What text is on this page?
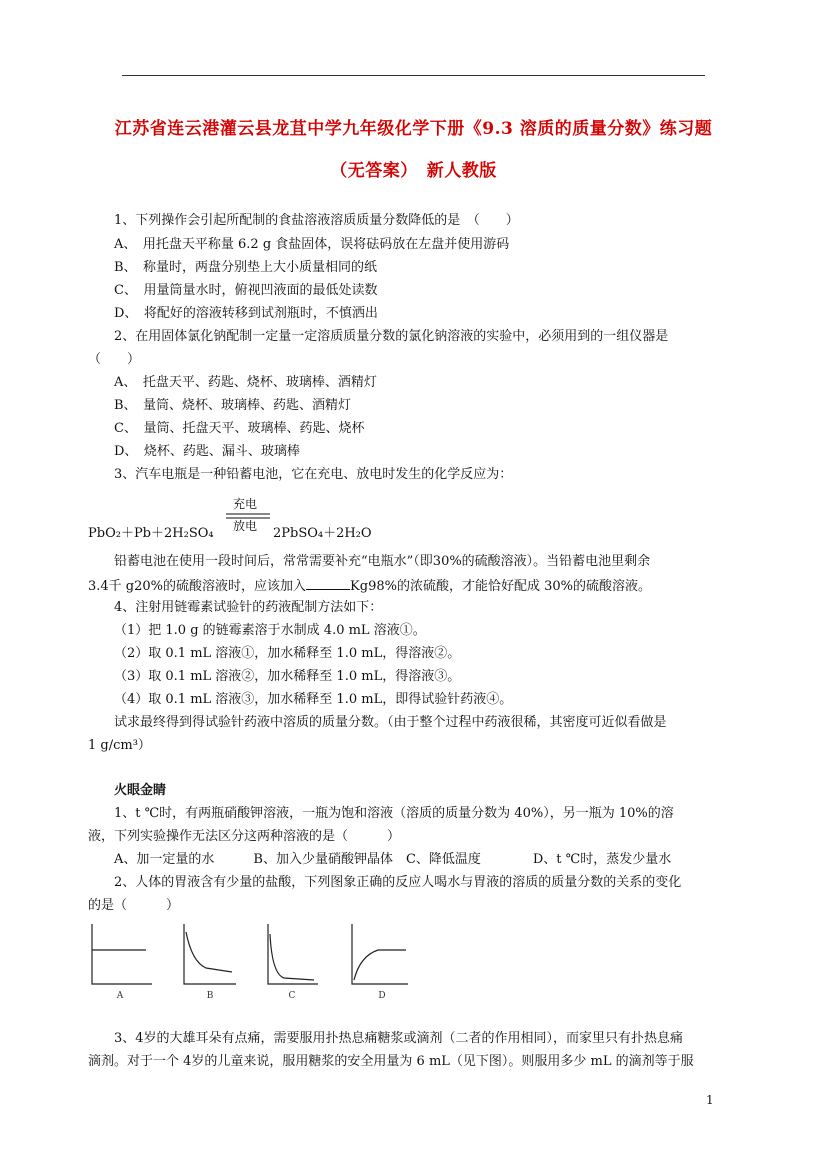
江苏省连云港灌云县龙苴中学九年级化学下册《9.3 溶质的质量分数》练习题
（无答案）　新人教版
1、下列操作会引起所配制的食盐溶液溶质质量分数降低的是　（　　）
A、　用托盘天平称量 6.2 g 食盐固体，误将砝码放在左盘并使用游码
B、　称量时，两盘分别垫上大小质量相同的纸
C、　用量筒量水时，俯视凹液面的最低处读数
D、　将配好的溶液转移到试剂瓶时，不慎洒出
2、在用固体氯化钠配制一定量一定溶质质量分数的氯化钠溶液的实验中，必须用到的一组仪器是
（　　）
A、　托盘天平、药匙、烧杯、玻璃棒、酒精灯
B、　量筒、烧杯、玻璃棒、药匙、酒精灯
C、　量筒、托盘天平、玻璃棒、药匙、烧杯
D、　烧杯、药匙、漏斗、玻璃棒
3、汽车电瓶是一种铅蓄电池，它在充电、放电时发生的化学反应为：
PbO₂＋Pb＋2H₂SO₄
充电
放电 2PbSO₄＋2H₂O
铅蓄电池在使用一段时间后，常常需要补充“电瓶水”（即30%的硫酸溶液）。当铅蓄电池里剩余
3.4千 g20%的硫酸溶液时，应该加入	Kg98%的浓硫酸，才能恰好配成 30%的硫酸溶液。
4、注射用链霉素试验针的药液配制方法如下：
（1）把 1.0 g 的链霉素溶于水制成 4.0 mL 溶液①。
（2）取 0.1 mL 溶液①，加水稀释至 1.0 mL，得溶液②。
（3）取 0.1 mL 溶液②，加水稀释至 1.0 mL，得溶液③。
（4）取 0.1 mL 溶液③，加水稀释至 1.0 mL，即得试验针药液④。
试求最终得到得试验针药液中溶质的质量分数。（由于整个过程中药液很稀，其密度可近似看做是
1 g/cm³）
火眼金睛
1、t ℃时，有两瓶硝酸钾溶液，一瓶为饱和溶液（溶质的质量分数为 40%），另一瓶为 10%的溶
液，下列实验操作无法区分这两种溶液的是（　　　）
A、加一定量的水　　　B、加入少量硝酸钾晶体　C、降低温度　　　　D、t ℃时，蒸发少量水
2、人体的胃液含有少量的盐酸，下列图象正确的反应人喝水与胃液的溶质的质量分数的关系的变化
的是（　　　）
A	B	C	D
3、4岁的大雄耳朵有点痛，需要服用扑热息痛糖浆或滴剂（二者的作用相同），而家里只有扑热息痛
滴剂。对于一个 4岁的儿童来说，服用糖浆的安全用量为 6 mL（见下图）。则服用多少 mL 的滴剂等于服
1
